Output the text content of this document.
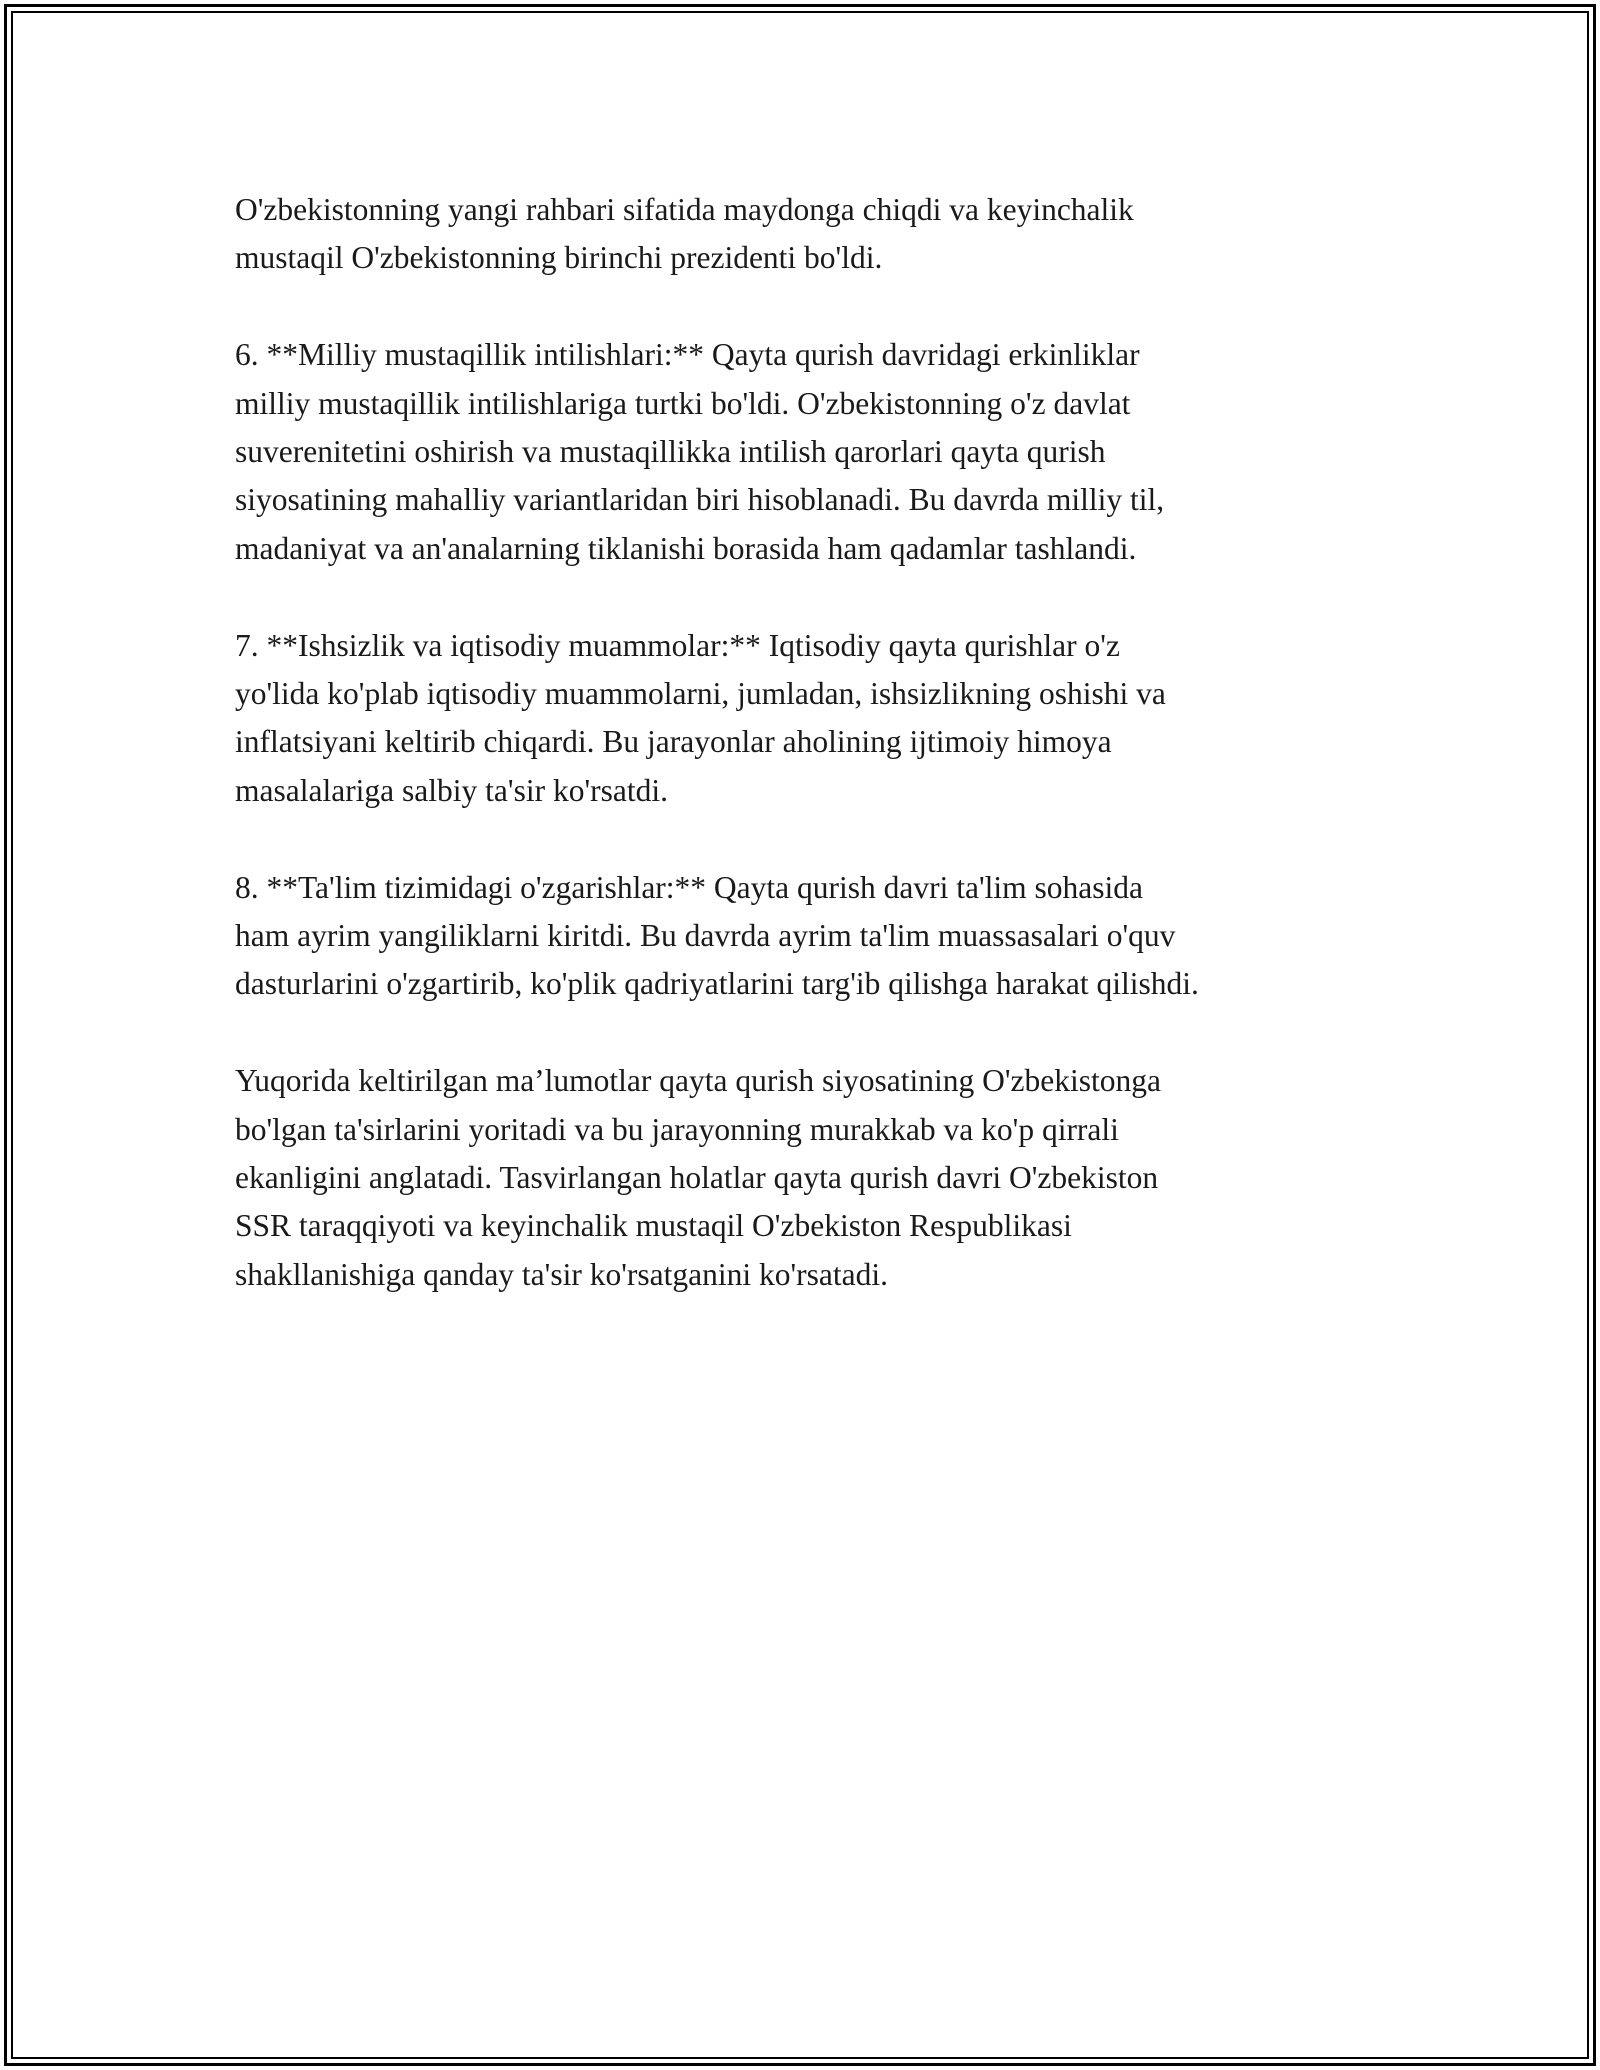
O'zbekistonning yangi rahbari sifatida maydonga chiqdi va keyinchalik
mustaqil O'zbekistonning birinchi prezidenti bo'ldi.

6. **Milliy mustaqillik intilishlari:** Qayta qurish davridagi erkinliklar
milliy mustaqillik intilishlariga turtki bo'ldi. O'zbekistonning o'z davlat
suverenitetini oshirish va mustaqillikka intilish qarorlari qayta qurish
siyosatining mahalliy variantlaridan biri hisoblanadi. Bu davrda milliy til,
madaniyat va an'analarning tiklanishi borasida ham qadamlar tashlandi.

7. **Ishsizlik va iqtisodiy muammolar:** Iqtisodiy qayta qurishlar o'z
yo'lida ko'plab iqtisodiy muammolarni, jumladan, ishsizlikning oshishi va
inflatsiyani keltirib chiqardi. Bu jarayonlar aholining ijtimoiy himoya
masalalariga salbiy ta'sir ko'rsatdi.

8. **Ta'lim tizimidagi o'zgarishlar:** Qayta qurish davri ta'lim sohasida
ham ayrim yangiliklarni kiritdi. Bu davrda ayrim ta'lim muassasalari o'quv
dasturlarini o'zgartirib, ko'plik qadriyatlarini targ'ib qilishga harakat qilishdi.

Yuqorida keltirilgan ma’lumotlar qayta qurish siyosatining O'zbekistonga
bo'lgan ta'sirlarini yoritadi va bu jarayonning murakkab va ko'p qirrali
ekanligini anglatadi. Tasvirlangan holatlar qayta qurish davri O'zbekiston
SSR taraqqiyoti va keyinchalik mustaqil O'zbekiston Respublikasi
shakllanishiga qanday ta'sir ko'rsatganini ko'rsatadi.
